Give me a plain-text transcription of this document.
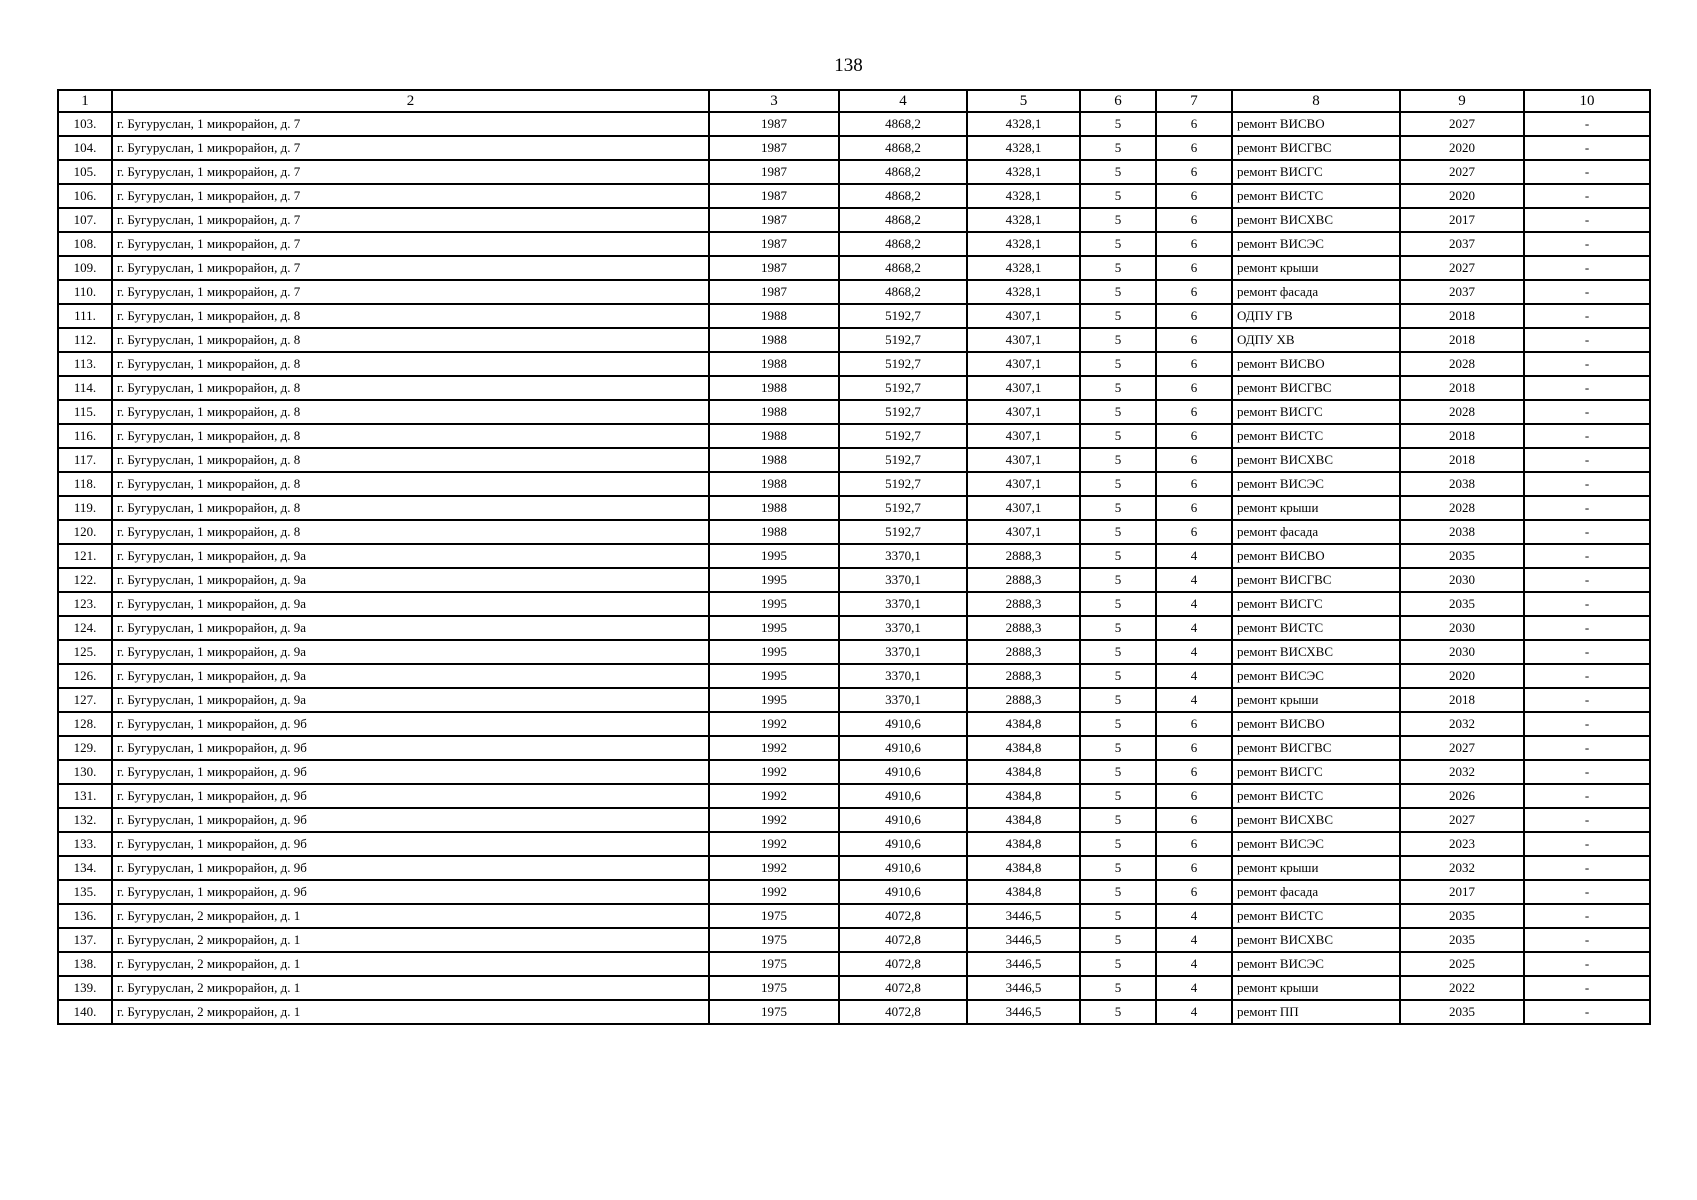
138
1	2	3	4	5	6	7	8	9	10
103.	г. Бугуруслан, 1 микрорайон, д. 7	1987	4868,2	4328,1	5	6	ремонт ВИСВО	2027	-
104.	г. Бугуруслан, 1 микрорайон, д. 7	1987	4868,2	4328,1	5	6	ремонт ВИСГВС	2020	-
105.	г. Бугуруслан, 1 микрорайон, д. 7	1987	4868,2	4328,1	5	6	ремонт ВИСГС	2027	-
106.	г. Бугуруслан, 1 микрорайон, д. 7	1987	4868,2	4328,1	5	6	ремонт ВИСТС	2020	-
107.	г. Бугуруслан, 1 микрорайон, д. 7	1987	4868,2	4328,1	5	6	ремонт ВИСХВС	2017	-
108.	г. Бугуруслан, 1 микрорайон, д. 7	1987	4868,2	4328,1	5	6	ремонт ВИСЭС	2037	-
109.	г. Бугуруслан, 1 микрорайон, д. 7	1987	4868,2	4328,1	5	6	ремонт крыши	2027	-
110.	г. Бугуруслан, 1 микрорайон, д. 7	1987	4868,2	4328,1	5	6	ремонт фасада	2037	-
111.	г. Бугуруслан, 1 микрорайон, д. 8	1988	5192,7	4307,1	5	6	ОДПУ ГВ	2018	-
112.	г. Бугуруслан, 1 микрорайон, д. 8	1988	5192,7	4307,1	5	6	ОДПУ ХВ	2018	-
113.	г. Бугуруслан, 1 микрорайон, д. 8	1988	5192,7	4307,1	5	6	ремонт ВИСВО	2028	-
114.	г. Бугуруслан, 1 микрорайон, д. 8	1988	5192,7	4307,1	5	6	ремонт ВИСГВС	2018	-
115.	г. Бугуруслан, 1 микрорайон, д. 8	1988	5192,7	4307,1	5	6	ремонт ВИСГС	2028	-
116.	г. Бугуруслан, 1 микрорайон, д. 8	1988	5192,7	4307,1	5	6	ремонт ВИСТС	2018	-
117.	г. Бугуруслан, 1 микрорайон, д. 8	1988	5192,7	4307,1	5	6	ремонт ВИСХВС	2018	-
118.	г. Бугуруслан, 1 микрорайон, д. 8	1988	5192,7	4307,1	5	6	ремонт ВИСЭС	2038	-
119.	г. Бугуруслан, 1 микрорайон, д. 8	1988	5192,7	4307,1	5	6	ремонт крыши	2028	-
120.	г. Бугуруслан, 1 микрорайон, д. 8	1988	5192,7	4307,1	5	6	ремонт фасада	2038	-
121.	г. Бугуруслан, 1 микрорайон, д. 9а	1995	3370,1	2888,3	5	4	ремонт ВИСВО	2035	-
122.	г. Бугуруслан, 1 микрорайон, д. 9а	1995	3370,1	2888,3	5	4	ремонт ВИСГВС	2030	-
123.	г. Бугуруслан, 1 микрорайон, д. 9а	1995	3370,1	2888,3	5	4	ремонт ВИСГС	2035	-
124.	г. Бугуруслан, 1 микрорайон, д. 9а	1995	3370,1	2888,3	5	4	ремонт ВИСТС	2030	-
125.	г. Бугуруслан, 1 микрорайон, д. 9а	1995	3370,1	2888,3	5	4	ремонт ВИСХВС	2030	-
126.	г. Бугуруслан, 1 микрорайон, д. 9а	1995	3370,1	2888,3	5	4	ремонт ВИСЭС	2020	-
127.	г. Бугуруслан, 1 микрорайон, д. 9а	1995	3370,1	2888,3	5	4	ремонт крыши	2018	-
128.	г. Бугуруслан, 1 микрорайон, д. 9б	1992	4910,6	4384,8	5	6	ремонт ВИСВО	2032	-
129.	г. Бугуруслан, 1 микрорайон, д. 9б	1992	4910,6	4384,8	5	6	ремонт ВИСГВС	2027	-
130.	г. Бугуруслан, 1 микрорайон, д. 9б	1992	4910,6	4384,8	5	6	ремонт ВИСГС	2032	-
131.	г. Бугуруслан, 1 микрорайон, д. 9б	1992	4910,6	4384,8	5	6	ремонт ВИСТС	2026	-
132.	г. Бугуруслан, 1 микрорайон, д. 9б	1992	4910,6	4384,8	5	6	ремонт ВИСХВС	2027	-
133.	г. Бугуруслан, 1 микрорайон, д. 9б	1992	4910,6	4384,8	5	6	ремонт ВИСЭС	2023	-
134.	г. Бугуруслан, 1 микрорайон, д. 9б	1992	4910,6	4384,8	5	6	ремонт крыши	2032	-
135.	г. Бугуруслан, 1 микрорайон, д. 9б	1992	4910,6	4384,8	5	6	ремонт фасада	2017	-
136.	г. Бугуруслан, 2 микрорайон, д. 1	1975	4072,8	3446,5	5	4	ремонт ВИСТС	2035	-
137.	г. Бугуруслан, 2 микрорайон, д. 1	1975	4072,8	3446,5	5	4	ремонт ВИСХВС	2035	-
138.	г. Бугуруслан, 2 микрорайон, д. 1	1975	4072,8	3446,5	5	4	ремонт ВИСЭС	2025	-
139.	г. Бугуруслан, 2 микрорайон, д. 1	1975	4072,8	3446,5	5	4	ремонт крыши	2022	-
140.	г. Бугуруслан, 2 микрорайон, д. 1	1975	4072,8	3446,5	5	4	ремонт ПП	2035	-
